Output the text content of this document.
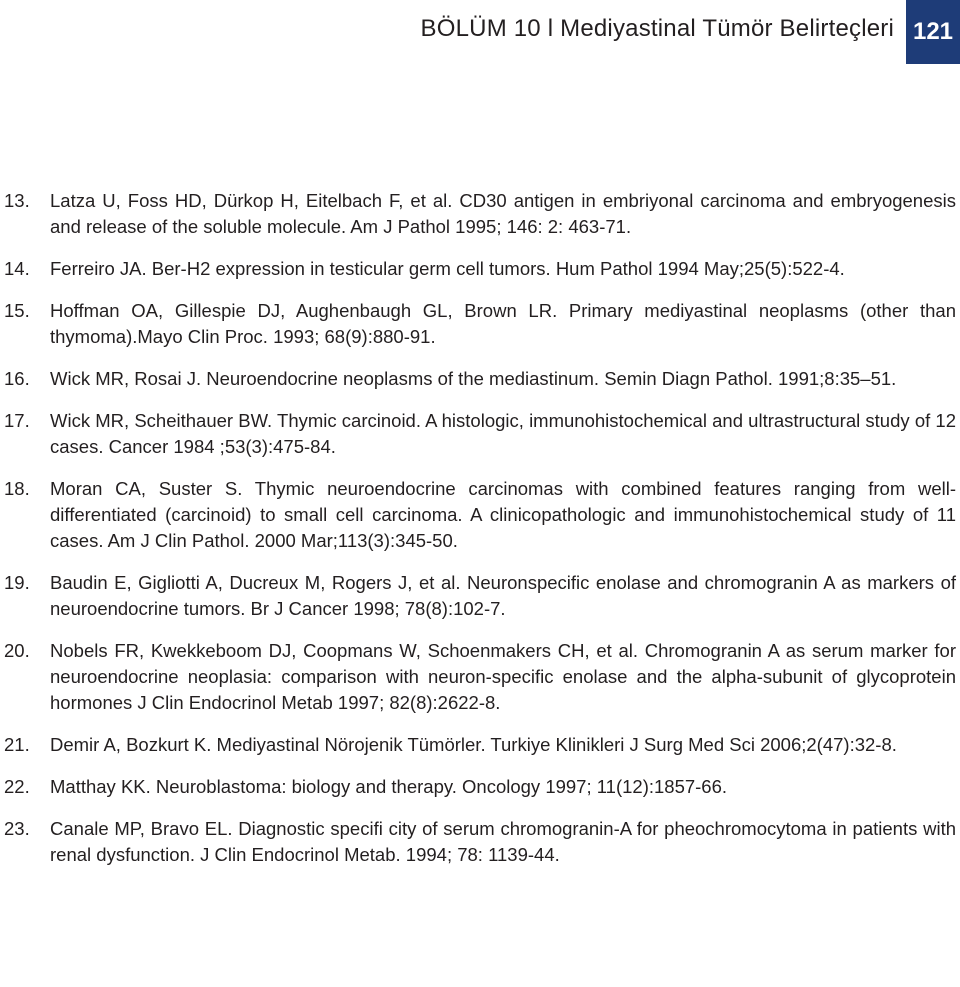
BÖLÜM 10 l Mediyastinal Tümör Belirteçleri 121
13.	Latza U, Foss HD, Dürkop H, Eitelbach F, et al. CD30 antigen in embriyonal carcinoma and embryogenesis and release of the soluble molecule. Am J Pathol 1995; 146: 2: 463-71.
14.	Ferreiro JA. Ber-H2 expression in testicular germ cell tumors. Hum Pathol 1994 May;25(5):522-4.
15.	Hoffman OA, Gillespie DJ, Aughenbaugh GL, Brown LR. Primary mediyastinal neoplasms (other than thymoma).Mayo Clin Proc. 1993; 68(9):880-91.
16.	Wick MR, Rosai J. Neuroendocrine neoplasms of the mediastinum. Semin Diagn Pathol. 1991;8:35–51.
17.	Wick MR, Scheithauer BW. Thymic carcinoid. A histologic, immunohistochemical and ultrastructural study of 12 cases. Cancer 1984 ;53(3):475-84.
18.	Moran CA, Suster S. Thymic neuroendocrine carcinomas with combined features ranging from well-differentiated (carcinoid) to small cell carcinoma. A clinicopathologic and immunohistochemical study of 11 cases. Am J Clin Pathol. 2000 Mar;113(3):345-50.
19.	Baudin E, Gigliotti A, Ducreux M, Rogers J, et al. Neuronspecific enolase and chromogranin A as markers of neuroendocrine tumors. Br J Cancer 1998; 78(8):102-7.
20.	Nobels FR, Kwekkeboom DJ, Coopmans W, Schoenmakers CH, et al. Chromogranin A as serum marker for neuroendocrine neoplasia: comparison with neuron-specific enolase and the alpha-subunit of glycoprotein hormones J Clin Endocrinol Metab 1997; 82(8):2622-8.
21.	Demir A, Bozkurt K. Mediyastinal Nörojenik Tümörler. Turkiye Klinikleri J Surg Med Sci 2006;2(47):32-8.
22.	Matthay KK. Neuroblastoma: biology and therapy. Oncology 1997; 11(12):1857-66.
23.	Canale MP, Bravo EL. Diagnostic specifi city of serum chromogranin-A for pheochromocytoma in patients with renal dysfunction. J Clin Endocrinol Metab. 1994; 78: 1139-44.
